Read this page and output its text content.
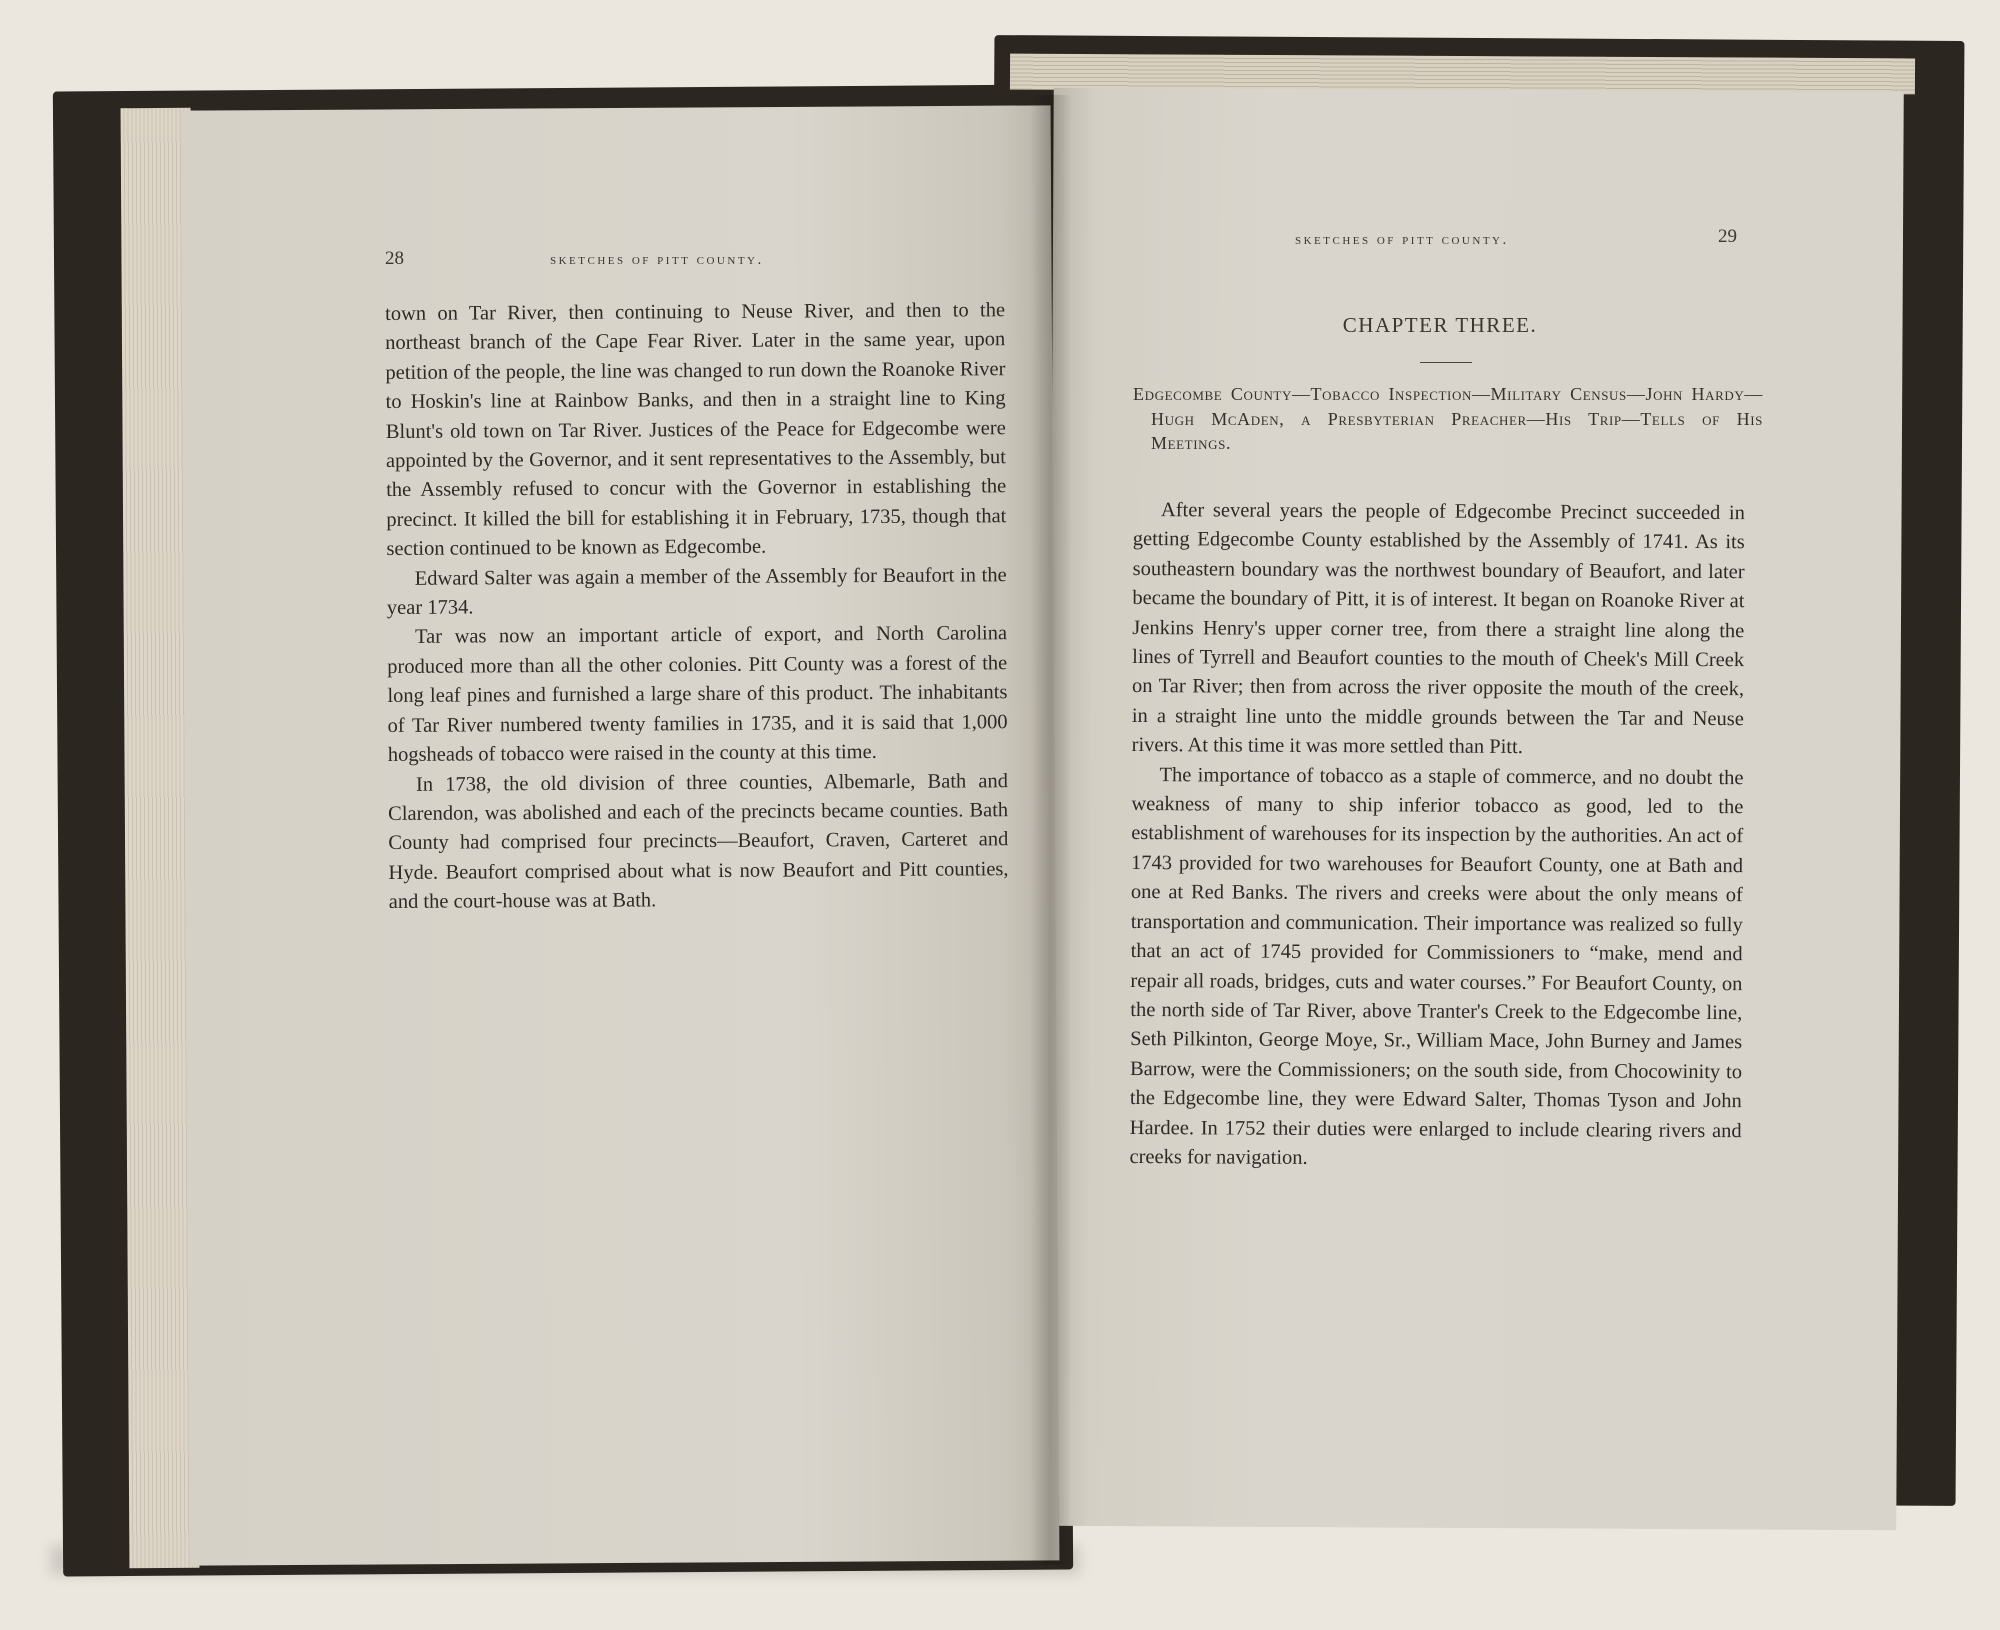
28	sketches of pitt county.

town on Tar River, then continuing to Neuse River, and then to the northeast branch of the Cape Fear River. Later in the same year, upon petition of the people, the line was changed to run down the Roanoke River to Hoskin's line at Rainbow Banks, and then in a straight line to King Blunt's old town on Tar River. Justices of the Peace for Edgecombe were appointed by the Governor, and it sent representatives to the Assembly, but the Assembly refused to concur with the Governor in establishing the precinct. It killed the bill for establishing it in February, 1735, though that section continued to be known as Edgecombe.

Edward Salter was again a member of the Assembly for Beaufort in the year 1734.

Tar was now an important article of export, and North Carolina produced more than all the other colonies. Pitt County was a forest of the long leaf pines and furnished a large share of this product. The inhabitants of Tar River numbered twenty families in 1735, and it is said that 1,000 hogsheads of tobacco were raised in the county at this time.

In 1738, the old division of three counties, Albemarle, Bath and Clarendon, was abolished and each of the precincts became counties. Bath County had comprised four precincts—Beaufort, Craven, Carteret and Hyde. Beaufort comprised about what is now Beaufort and Pitt counties, and the court-house was at Bath.

sketches of pitt county.	29
CHAPTER THREE.
Edgecombe County—Tobacco Inspection—Military Census—John Hardy—Hugh McAden, a Presbyterian Preacher—His Trip—Tells of His Meetings.

After several years the people of Edgecombe Precinct succeeded in getting Edgecombe County established by the Assembly of 1741. As its southeastern boundary was the northwest boundary of Beaufort, and later became the boundary of Pitt, it is of interest. It began on Roanoke River at Jenkins Henry's upper corner tree, from there a straight line along the lines of Tyrrell and Beaufort counties to the mouth of Cheek's Mill Creek on Tar River; then from across the river opposite the mouth of the creek, in a straight line unto the middle grounds between the Tar and Neuse rivers. At this time it was more settled than Pitt.

The importance of tobacco as a staple of commerce, and no doubt the weakness of many to ship inferior tobacco as good, led to the establishment of warehouses for its inspection by the authorities. An act of 1743 provided for two warehouses for Beaufort County, one at Bath and one at Red Banks. The rivers and creeks were about the only means of transportation and communication. Their importance was realized so fully that an act of 1745 provided for Commissioners to “make, mend and repair all roads, bridges, cuts and water courses.” For Beaufort County, on the north side of Tar River, above Tranter's Creek to the Edgecombe line, Seth Pilkinton, George Moye, Sr., William Mace, John Burney and James Barrow, were the Commissioners; on the south side, from Chocowinity to the Edgecombe line, they were Edward Salter, Thomas Tyson and John Hardee. In 1752 their duties were enlarged to include clearing rivers and creeks for navigation.
